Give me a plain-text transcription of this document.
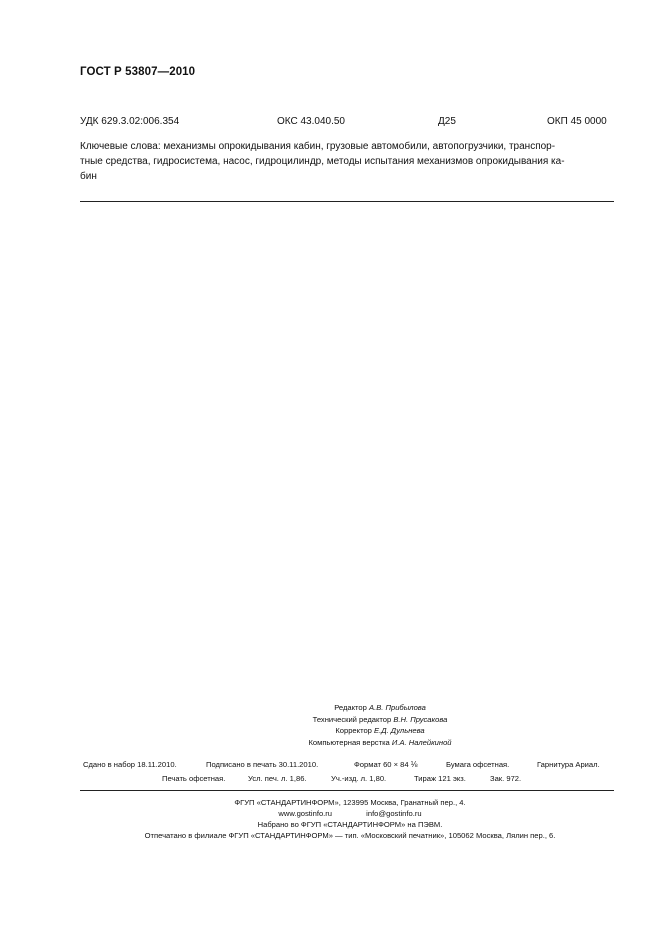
ГОСТ Р 53807—2010
УДК 629.3.02:006.354	ОКС 43.040.50	Д25	ОКП 45 0000
Ключевые слова: механизмы опрокидывания кабин, грузовые автомобили, автопогрузчики, транспор-
тные средства, гидросистема, насос, гидроцилиндр, методы испытания механизмов опрокидывания ка-
бин
Редактор А.В. Прибылова
Технический редактор В.Н. Прусакова
Корректор Е.Д. Дульнева
Компьютерная верстка И.А. Налейкиной
Сдано в набор 18.11.2010.	Подписано в печать 30.11.2010.	Формат 60 × 84 ⅛	Бумага офсетная.	Гарнитура Ариал.
Печать офсетная.	Усл. печ. л. 1,86.	Уч.-изд. л. 1,80.	Тираж 121 экз.	Зак. 972.
ФГУП «СТАНДАРТИНФОРМ», 123995 Москва, Гранатный пер., 4.
www.gostinfo.ru	info@gostinfo.ru
Набрано во ФГУП «СТАНДАРТИНФОРМ» на ПЭВМ.
Отпечатано в филиале ФГУП «СТАНДАРТИНФОРМ» — тип. «Московский печатник», 105062 Москва, Лялин пер., 6.
